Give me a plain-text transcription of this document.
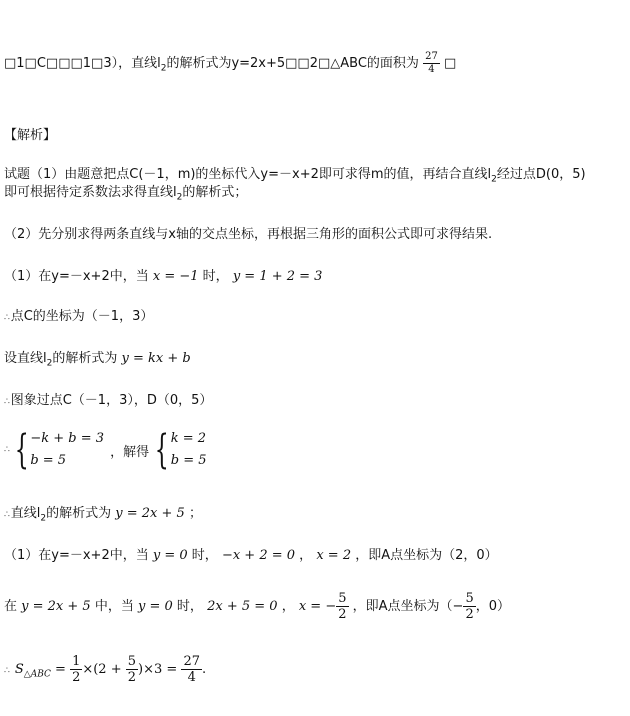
□1□C□□□1□3），直线$l_2$的解析式为y=2x+5□□2□△ABC的面积为 $\frac{27}{4}$ □
【解析】
试题（1）由题意把点C(－1，m)的坐标代入y=－x+2即可求得m的值，再结合直线$l_2$经过点D(0，5)
即可根据待定系数法求得直线$l_2$的解析式；
（2）先分别求得两条直线与x轴的交点坐标，再根据三角形的面积公式即可求得结果.
（1）在y=－x+2中，当 x = −1 时， y = 1 + 2 = 3
∴点C的坐标为（－1，3）
设直线$l_2$的解析式为 y = kx + b
∴图象过点C（－1，3），D（0，5）
∴ { −k + b = 3
b = 5
，解得 { k = 2
b = 5
∴直线$l_2$的解析式为 y = 2x + 5 ；
（1）在y=－x+2中，当 y = 0 时， −x + 2 = 0 ， x = 2 ，即A点坐标为（2，0）
在 y = 2x + 5 中，当 y = 0 时， 2x + 5 = 0 ， x = − $\frac{5}{2}$ ，即A点坐标为（− $\frac{5}{2}$ ，0）
∴ $S_{\triangle ABC} = \frac{1}{2} \times(2 + \frac{5}{2} )\times 3 = \frac{27}{4}$ .
